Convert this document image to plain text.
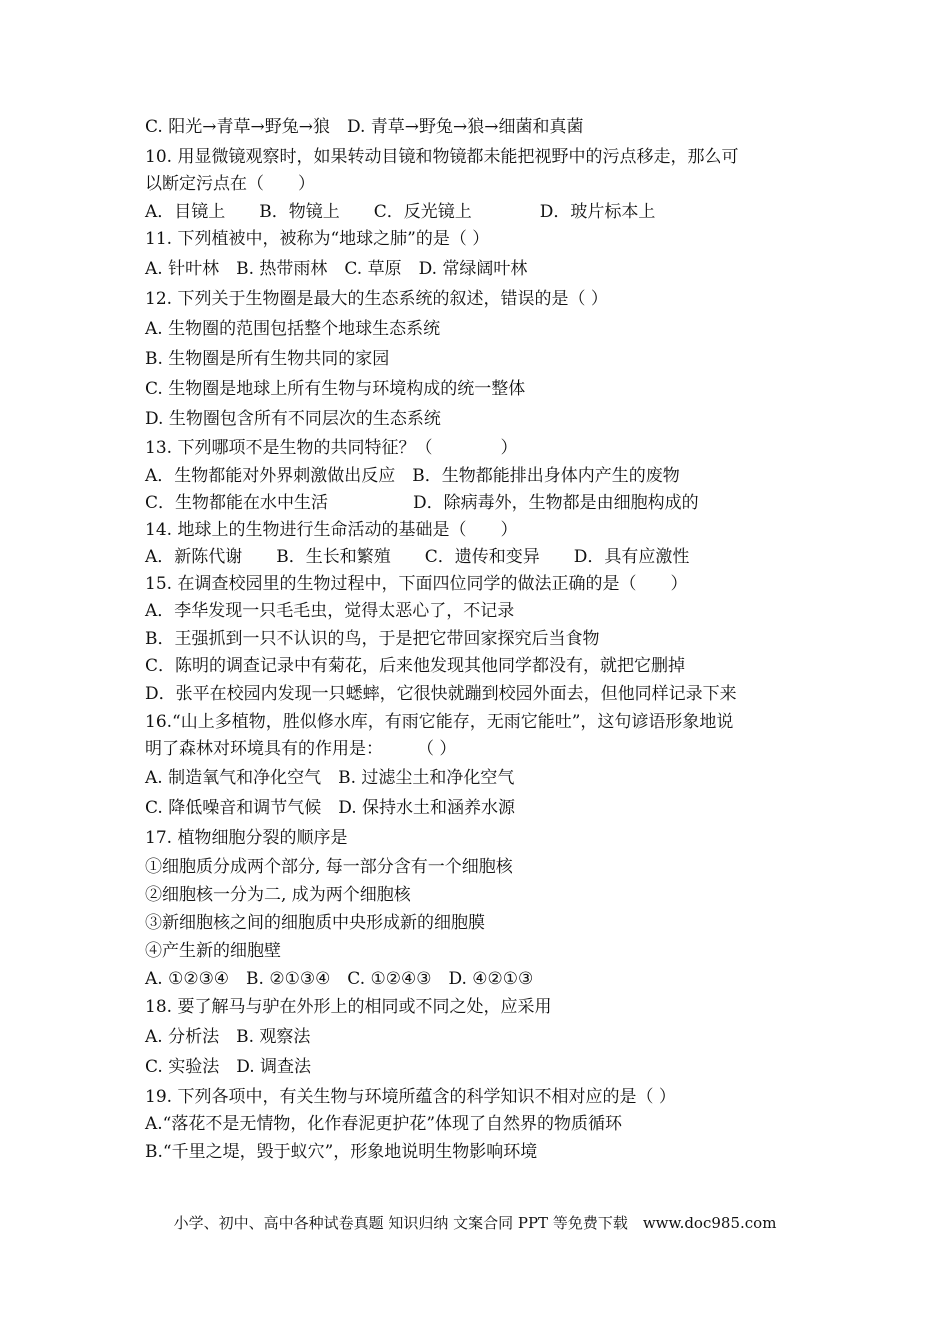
C. 阳光→青草→野兔→狼　D. 青草→野兔→狼→细菌和真菌
10. 用显微镜观察时，如果转动目镜和物镜都未能把视野中的污点移走，那么可
以断定污点在（　　）
A．目镜上　　B．物镜上　　C．反光镜上　　　　D．玻片标本上
11. 下列植被中，被称为“地球之肺”的是（ ）
A. 针叶林　B. 热带雨林　C. 草原　D. 常绿阔叶林
12. 下列关于生物圈是最大的生态系统的叙述，错误的是（ ）
A. 生物圈的范围包括整个地球生态系统
B. 生物圈是所有生物共同的家园
C. 生物圈是地球上所有生物与环境构成的统一整体
D. 生物圈包含所有不同层次的生态系统
13. 下列哪项不是生物的共同特征？（　　　　）
A．生物都能对外界刺激做出反应　B．生物都能排出身体内产生的废物
C．生物都能在水中生活　　　　　D．除病毒外，生物都是由细胞构成的
14. 地球上的生物进行生命活动的基础是（　　）
A．新陈代谢　　B．生长和繁殖　　C．遗传和变异　　D．具有应激性
15. 在调查校园里的生物过程中，下面四位同学的做法正确的是（　　）
A．李华发现一只毛毛虫，觉得太恶心了，不记录
B．王强抓到一只不认识的鸟，于是把它带回家探究后当食物
C．陈明的调查记录中有菊花，后来他发现其他同学都没有，就把它删掉
D．张平在校园内发现一只蟋蟀，它很快就蹦到校园外面去，但他同样记录下来
16.“山上多植物，胜似修水库，有雨它能存，无雨它能吐”，这句谚语形象地说
明了森林对环境具有的作用是：　　　（ ）
A. 制造氧气和净化空气　B. 过滤尘土和净化空气
C. 降低噪音和调节气候　D. 保持水土和涵养水源
17. 植物细胞分裂的顺序是
①细胞质分成两个部分, 每一部分含有一个细胞核
②细胞核一分为二, 成为两个细胞核
③新细胞核之间的细胞质中央形成新的细胞膜
④产生新的细胞壁
A. ①②③④　B. ②①③④　C. ①②④③　D. ④②①③
18. 要了解马与驴在外形上的相同或不同之处，应采用
A. 分析法　B. 观察法
C. 实验法　D. 调查法
19. 下列各项中，有关生物与环境所蕴含的科学知识不相对应的是（ ）
A.“落花不是无情物，化作春泥更护花”体现了自然界的物质循环
B.“千里之堤，毁于蚁穴”，形象地说明生物影响环境
小学、初中、高中各种试卷真题 知识归纳 文案合同 PPT 等免费下载　www.doc985.com
